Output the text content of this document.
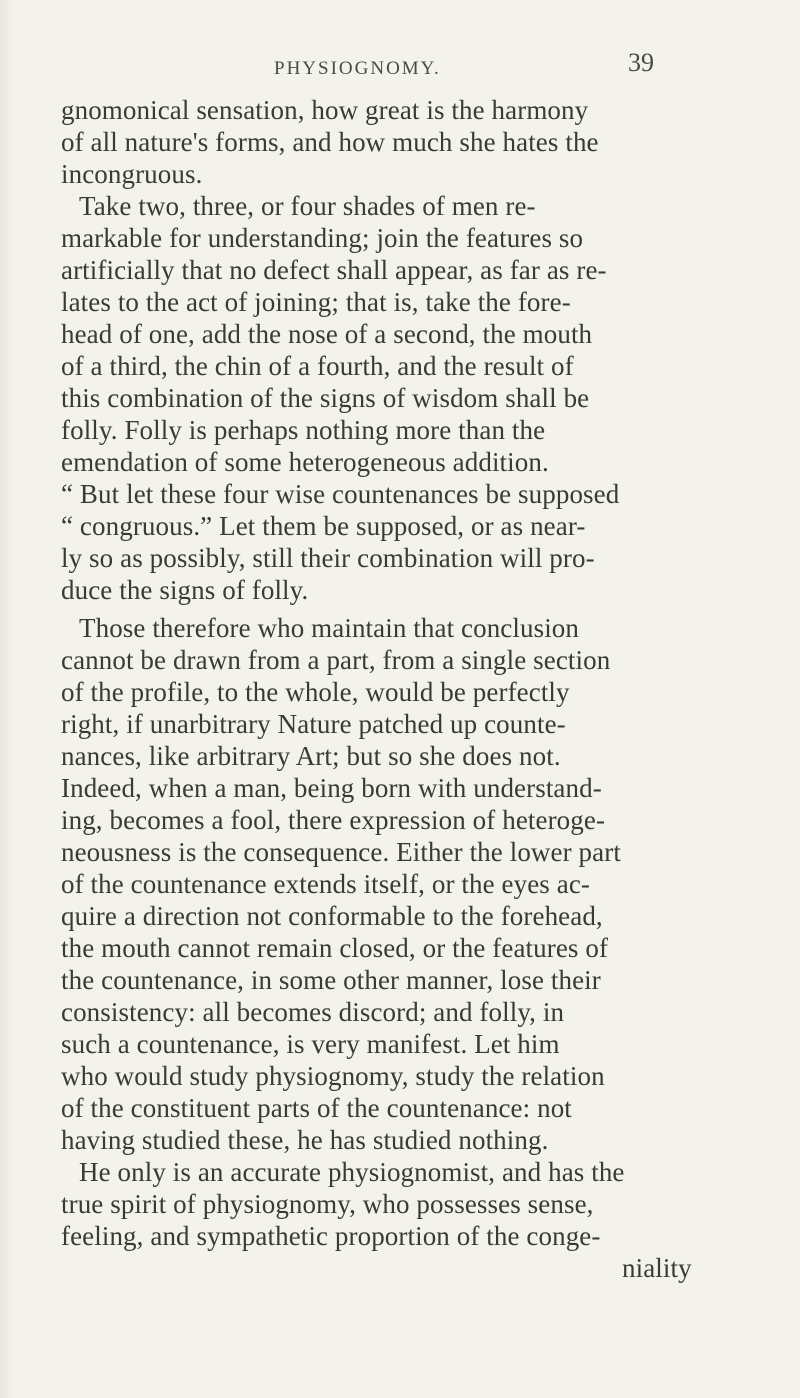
PHYSIOGNOMY.	39
gnomonical sensation, how great is the harmony
of all nature's forms, and how much she hates the
incongruous.
Take two, three, or four shades of men re-
markable for understanding; join the features so
artificially that no defect shall appear, as far as re-
lates to the act of joining; that is, take the fore-
head of one, add the nose of a second, the mouth
of a third, the chin of a fourth, and the result of
this combination of the signs of wisdom shall be
folly. Folly is perhaps nothing more than the
emendation of some heterogeneous addition.
“ But let these four wise countenances be supposed
“ congruous.” Let them be supposed, or as near-
ly so as possibly, still their combination will pro-
duce the signs of folly.
Those therefore who maintain that conclusion
cannot be drawn from a part, from a single section
of the profile, to the whole, would be perfectly
right, if unarbitrary Nature patched up counte-
nances, like arbitrary Art; but so she does not.
Indeed, when a man, being born with understand-
ing, becomes a fool, there expression of heteroge-
neousness is the consequence. Either the lower part
of the countenance extends itself, or the eyes ac-
quire a direction not conformable to the forehead,
the mouth cannot remain closed, or the features of
the countenance, in some other manner, lose their
consistency: all becomes discord; and folly, in
such a countenance, is very manifest. Let him
who would study physiognomy, study the relation
of the constituent parts of the countenance: not
having studied these, he has studied nothing.
He only is an accurate physiognomist, and has the
true spirit of physiognomy, who possesses sense,
feeling, and sympathetic proportion of the conge-
niality
